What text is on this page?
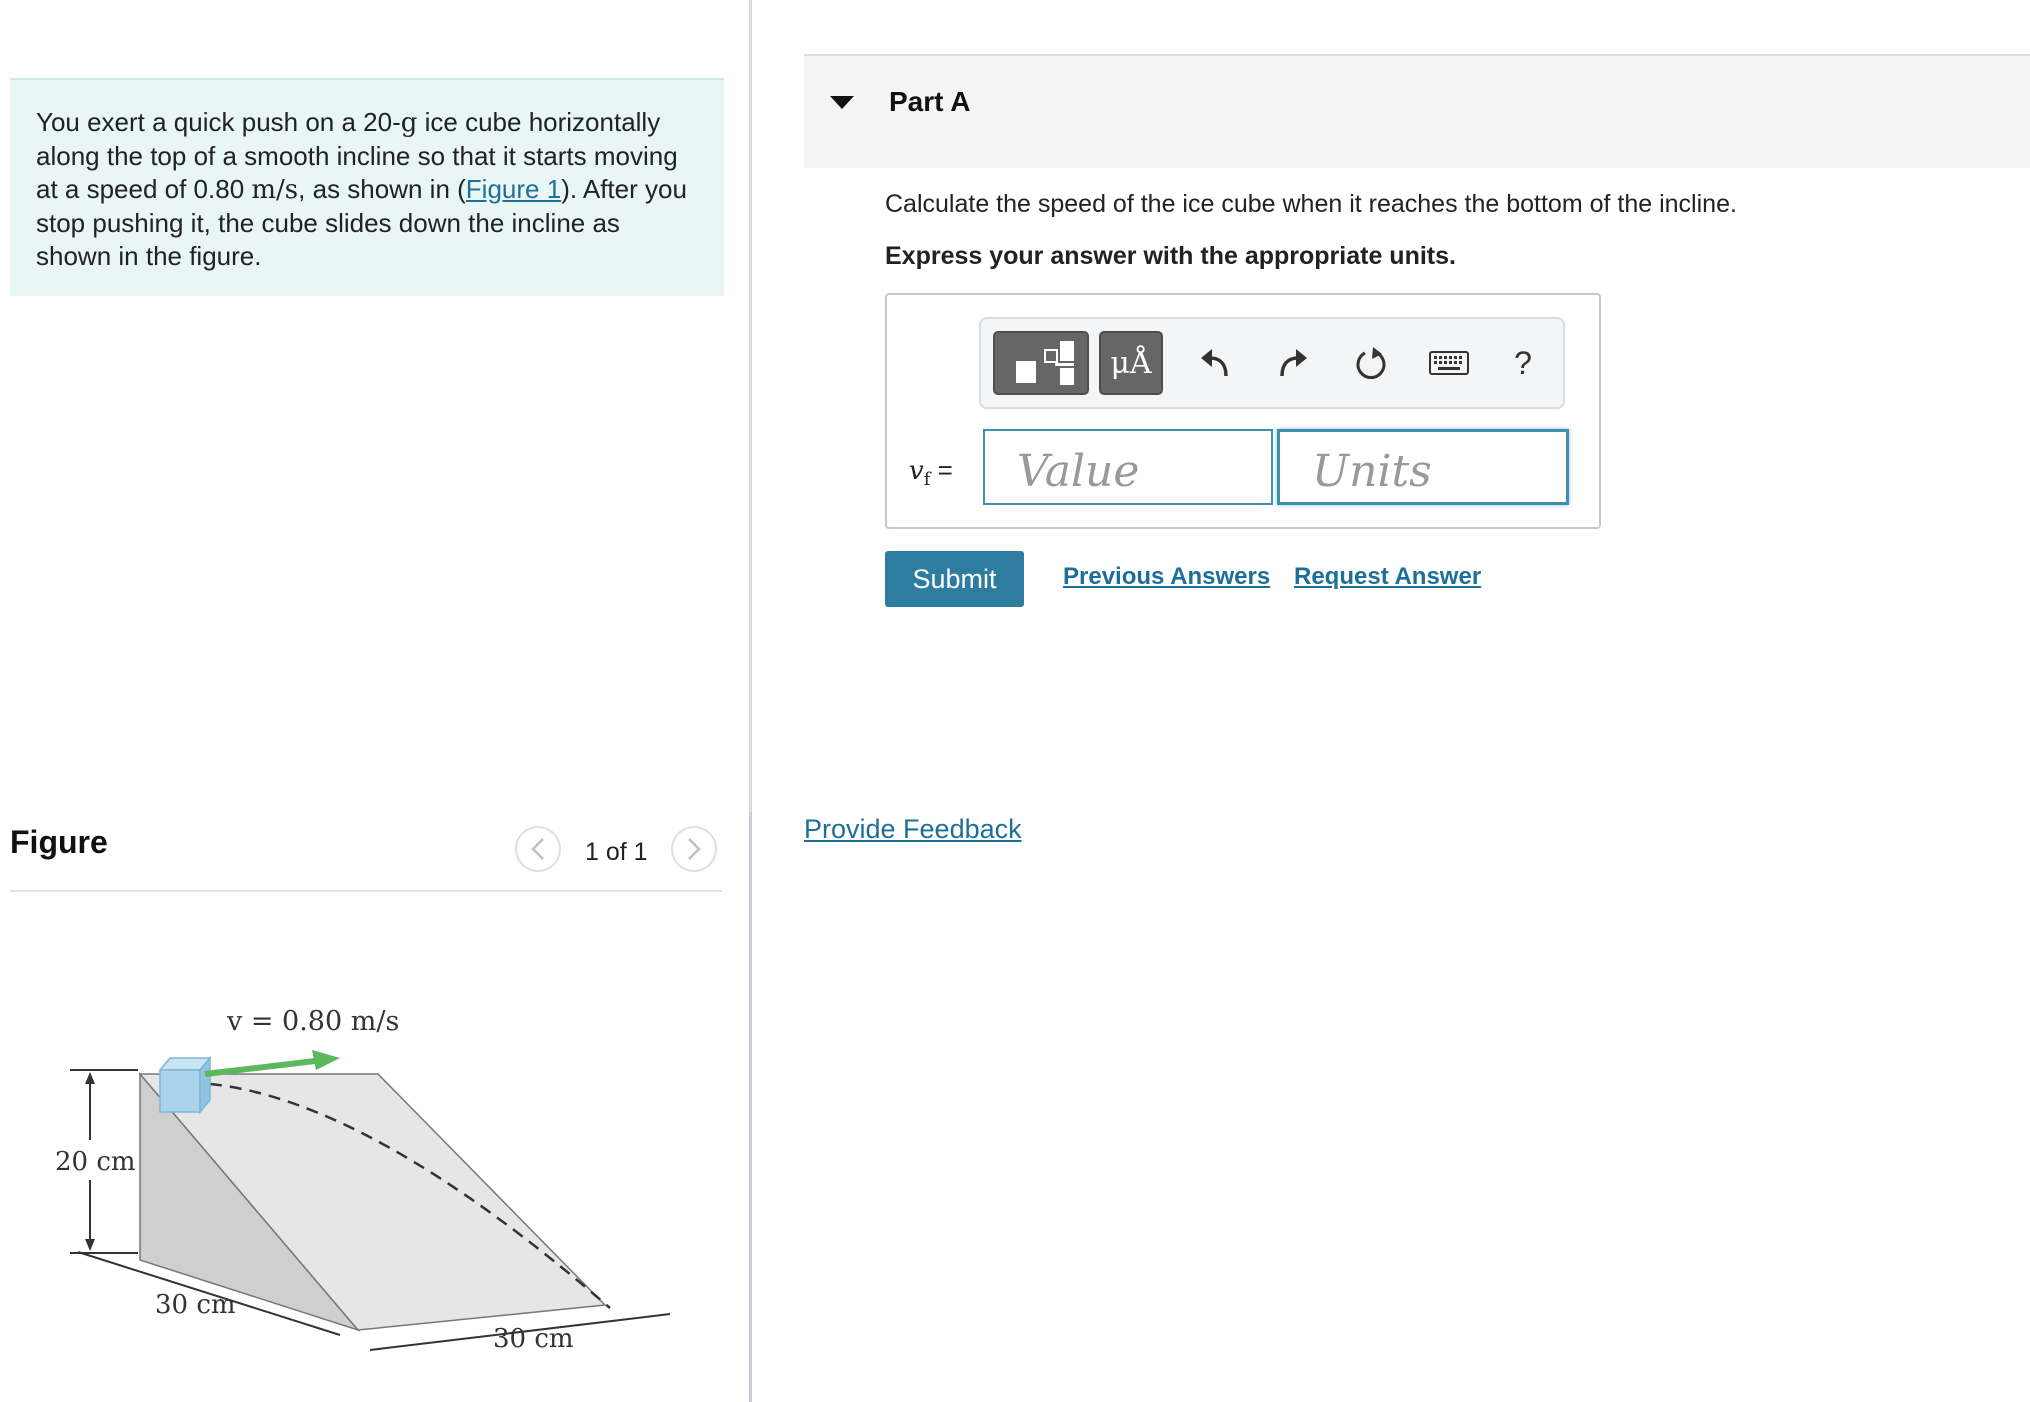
You exert a quick push on a 20-g ice cube horizontally along the top of a smooth incline so that it starts moving at a speed of 0.80 m/s, as shown in (Figure 1). After you stop pushing it, the cube slides down the incline as shown in the figure.
Figure	1 of 1
v = 0.80 m/s
20 cm
30 cm
30 cm
Part A
Calculate the speed of the ice cube when it reaches the bottom of the incline.
Express your answer with the appropriate units.
μÅ	?
$v_f$ =
Value
Units
Submit	Previous Answers Request Answer
Provide Feedback
